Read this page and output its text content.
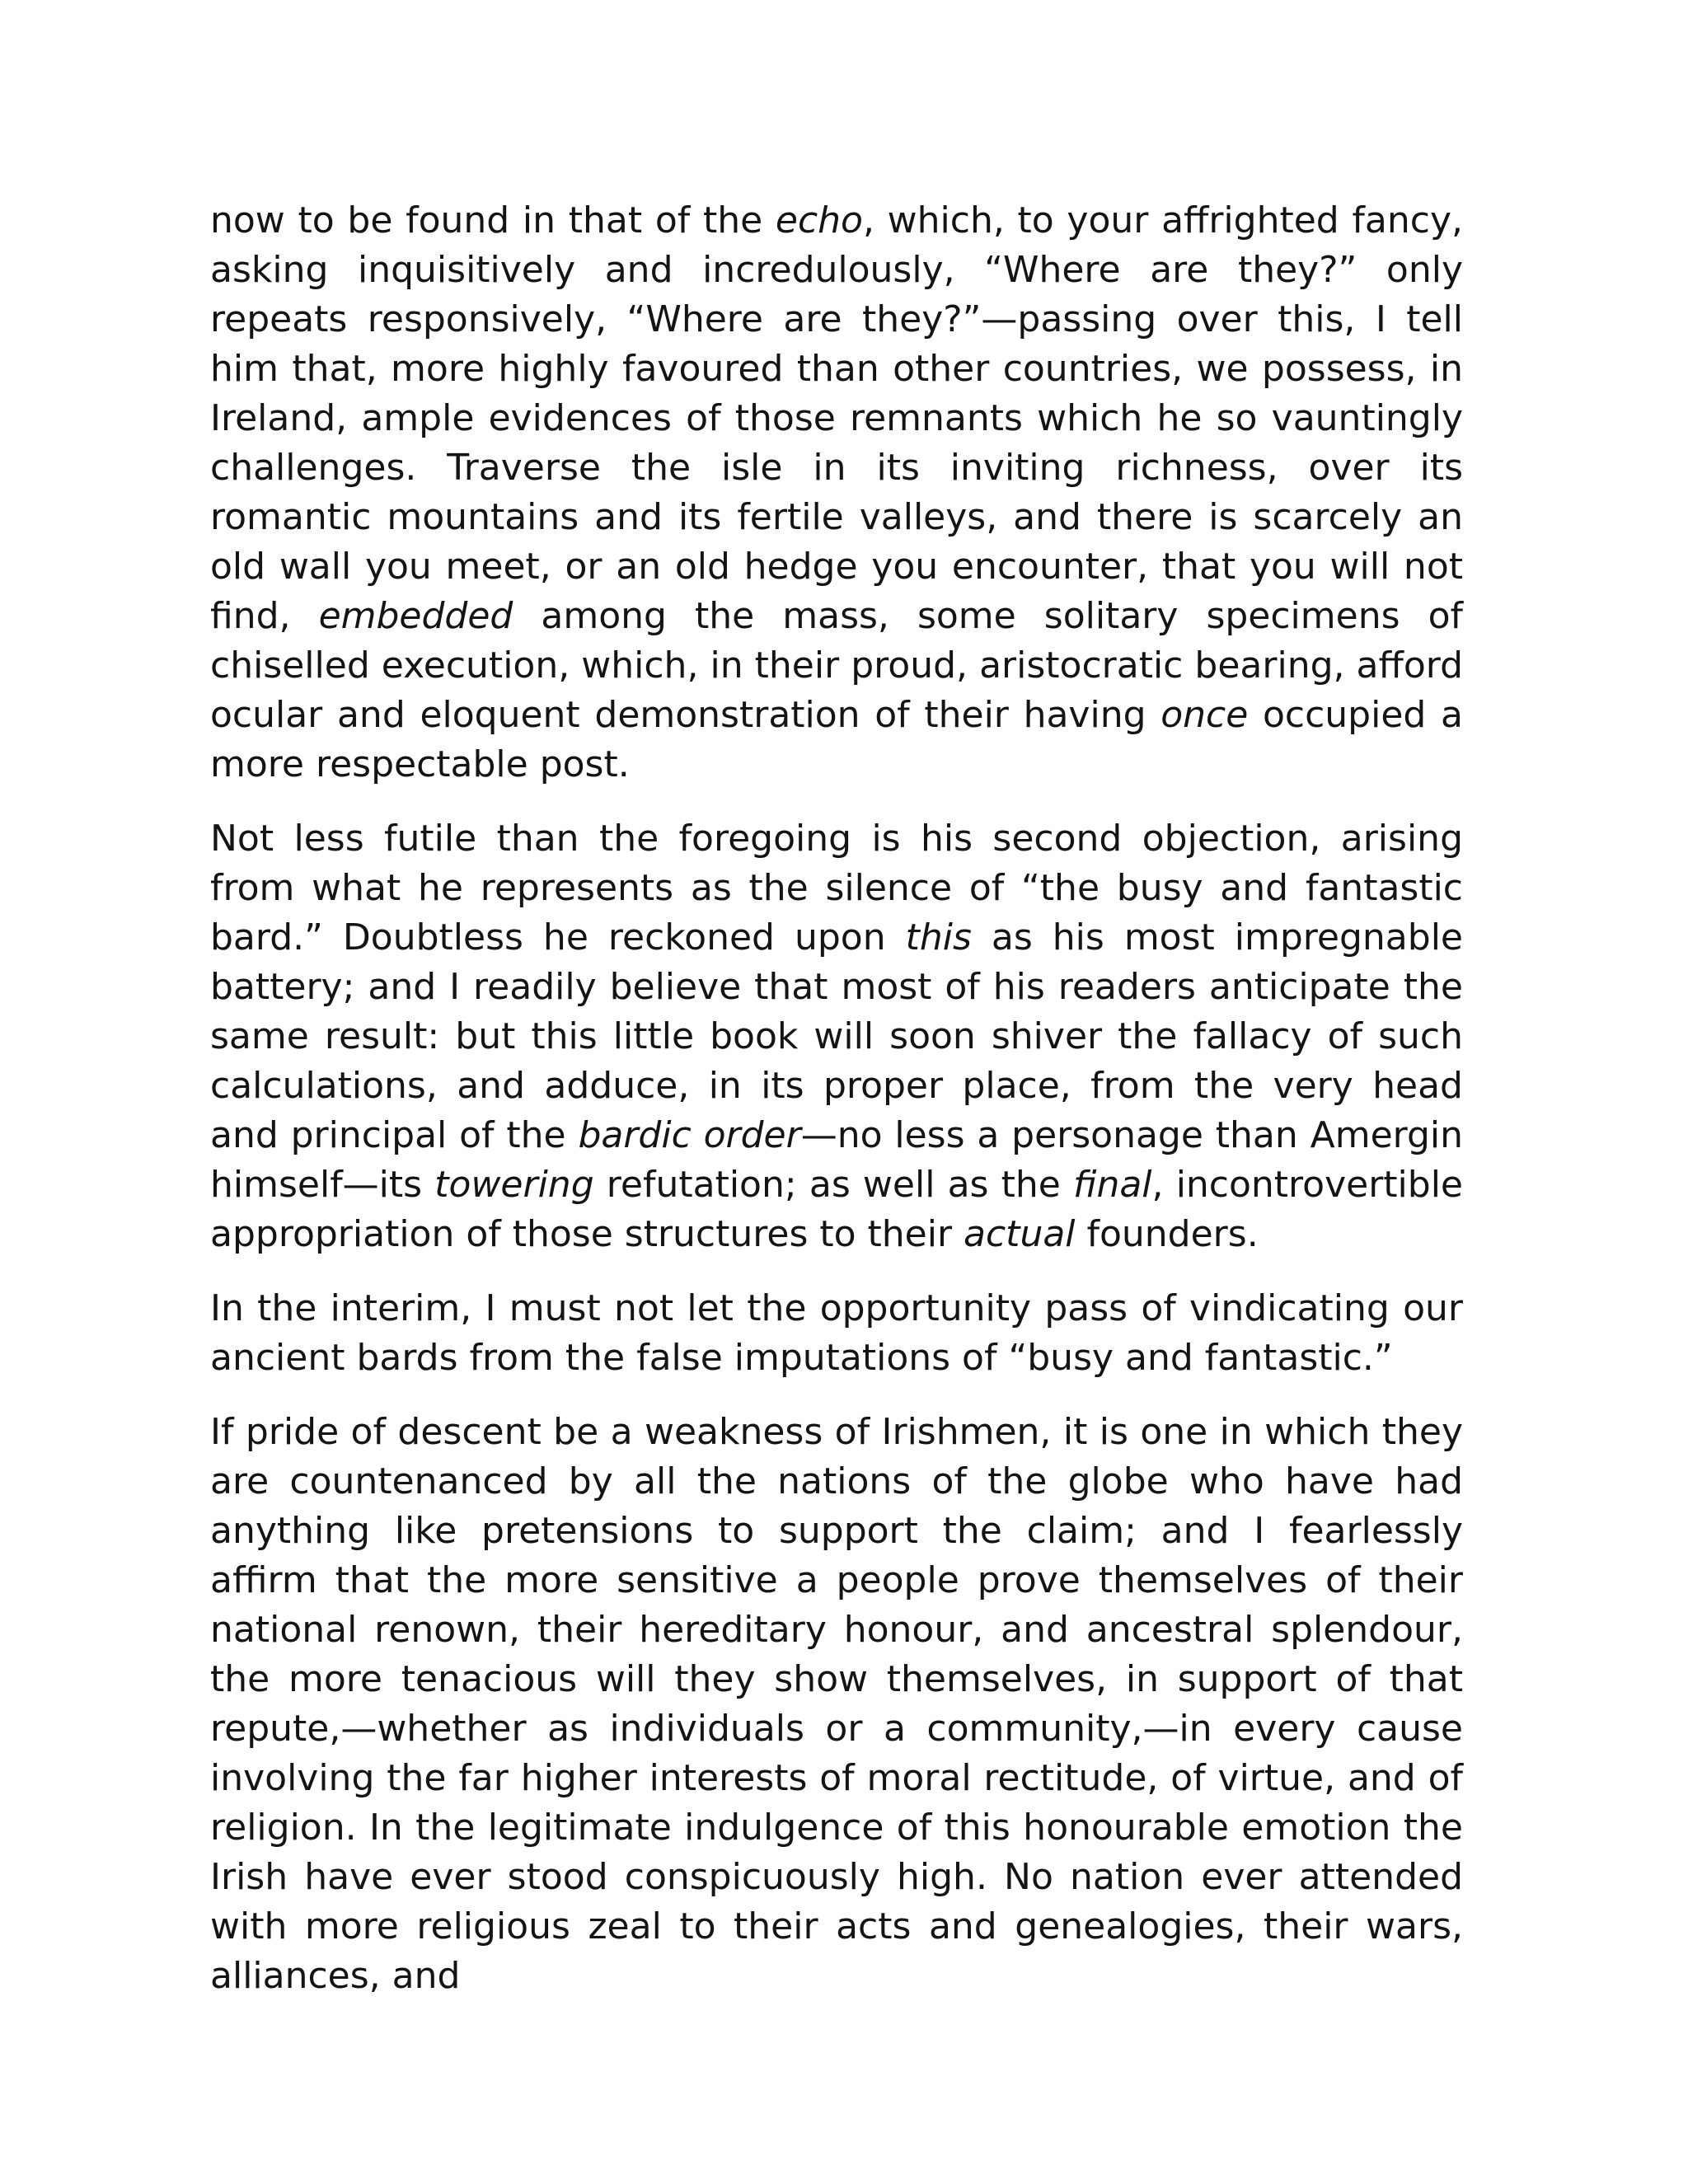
now to be found in that of the echo, which, to your affrighted fancy, asking inquisitively and incredulously, “Where are they?” only repeats responsively, “Where are they?”—passing over this, I tell him that, more highly favoured than other countries, we possess, in Ireland, ample evidences of those remnants which he so vauntingly challenges. Traverse the isle in its inviting richness, over its romantic mountains and its fertile valleys, and there is scarcely an old wall you meet, or an old hedge you encounter, that you will not find, embedded among the mass, some solitary specimens of chiselled execution, which, in their proud, aristocratic bearing, afford ocular and eloquent demonstration of their having once occupied a more respectable post.

Not less futile than the foregoing is his second objection, arising from what he represents as the silence of “the busy and fantastic bard.” Doubtless he reckoned upon this as his most impregnable battery; and I readily believe that most of his readers anticipate the same result: but this little book will soon shiver the fallacy of such calculations, and adduce, in its proper place, from the very head and principal of the bardic order—no less a personage than Amergin himself—its towering refutation; as well as the final, incontrovertible appropriation of those structures to their actual founders.

In the interim, I must not let the opportunity pass of vindicating our ancient bards from the false imputations of “busy and fantastic.”

If pride of descent be a weakness of Irishmen, it is one in which they are countenanced by all the nations of the globe who have had anything like pretensions to support the claim; and I fearlessly affirm that the more sensitive a people prove themselves of their national renown, their hereditary honour, and ancestral splendour, the more tenacious will they show themselves, in support of that repute,—whether as individuals or a community,—in every cause involving the far higher interests of moral rectitude, of virtue, and of religion. In the legitimate indulgence of this honourable emotion the Irish have ever stood conspicuously high. No nation ever attended with more religious zeal to their acts and genealogies, their wars, alliances, and
